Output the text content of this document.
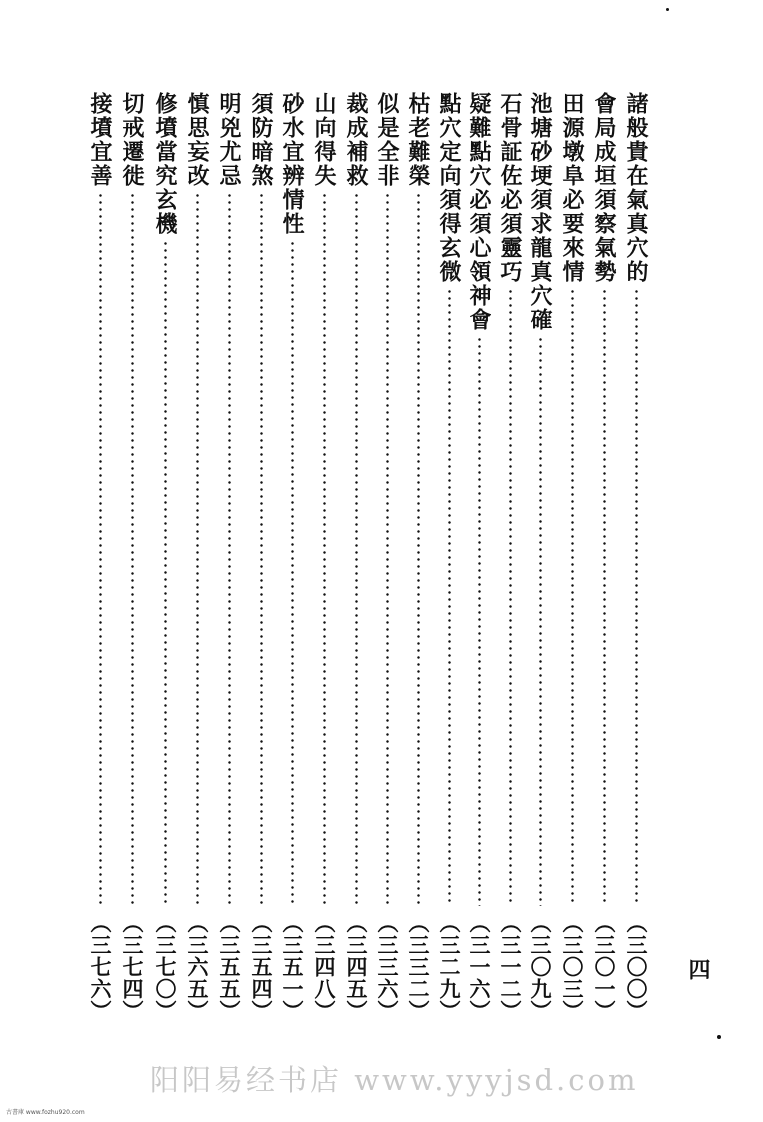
諸般貴在氣真穴的
（三〇〇）
會局成垣須察氣勢
（三〇一）
田源墩阜必要來情
（三〇三）
池塘砂埂須求龍真穴確
（三〇九）
石骨証佐必須靈巧
（三一二）
疑難點穴必須心領神會
（三一六）
點穴定向須得玄微
（三二九）
枯老難榮
（三三二）
似是全非
（三三六）
裁成補救
（三四五）
山向得失
（三四八）
砂水宜辨情性
（三五一）
須防暗煞
（三五四）
明兇尤忌
（三五五）
慎思妄改
（三六五）
修墳當究玄機
（三七〇）
切戒遷徙
（三七四）
接墳宜善
（三七六）	四
阳阳易经书店 www.yyyjsd.com
古書庫 www.fozhu920.com
